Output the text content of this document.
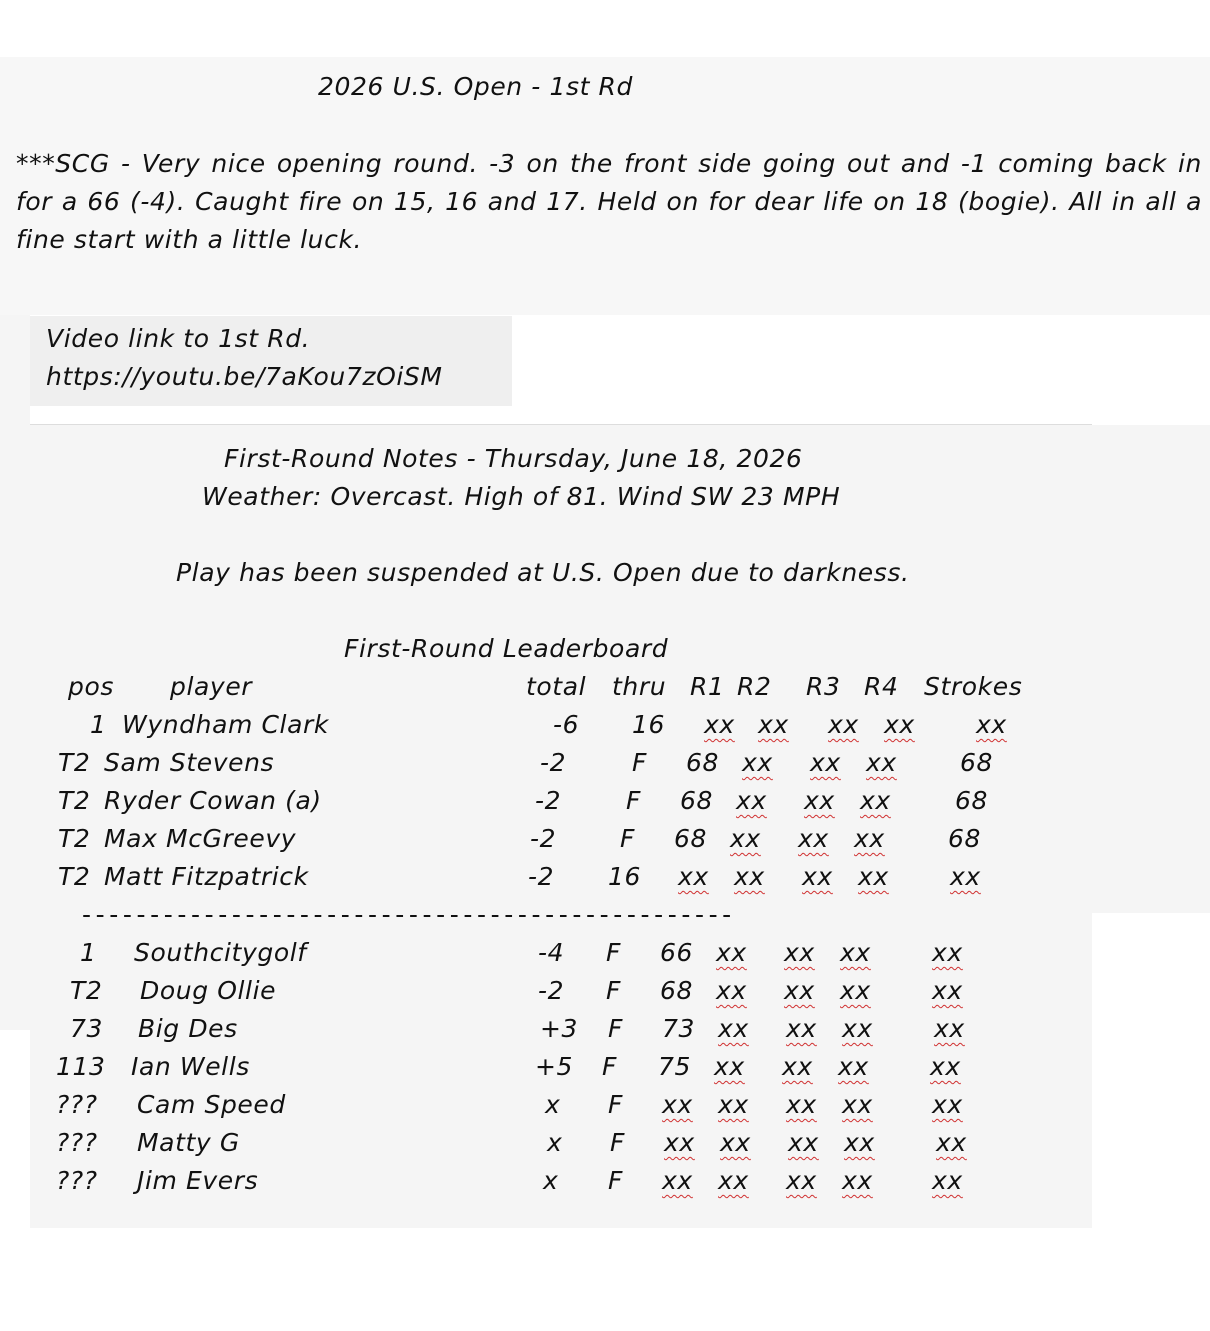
2026 U.S. Open - 1st Rd
***SCG - Very nice opening round. -3 on the front side going out and -1 coming back in for a 66 (-4). Caught fire on 15, 16 and 17. Held on for dear life on 18 (bogie). All in all a fine start with a little luck.
Video link to 1st Rd.
https://youtu.be/7aKou7zOiSM
First-Round Notes - Thursday, June 18, 2026
Weather: Overcast. High of 81. Wind SW 23 MPH
Play has been suspended at U.S. Open due to darkness.
First-Round Leaderboard
pos player	total thru R1 R2 R3 R4 Strokes
1 Wyndham Clark	-6 16 xx xx xx xx xx
T2 Sam Stevens	-2	F 68 xx xx xx	68
T2 Ryder Cowan (a)	-2	F 68 xx xx xx	68
T2 Max McGreevy	-2	F 68 xx xx xx	68
T2 Matt Fitzpatrick	-2 16 xx xx xx xx xx
------------------------------------------------
1 Southcitygolf	-4 F 66 xx xx xx xx
T2 Doug Ollie	-2 F 68 xx xx xx xx
73 Big Des	+3 F 73 xx xx xx xx
113 Ian Wells	+5 F 75 xx xx xx xx
??? Cam Speed	x F xx xx xx xx xx
??? Matty G	x F xx xx xx xx xx
??? Jim Evers	x F xx xx xx xx xx
